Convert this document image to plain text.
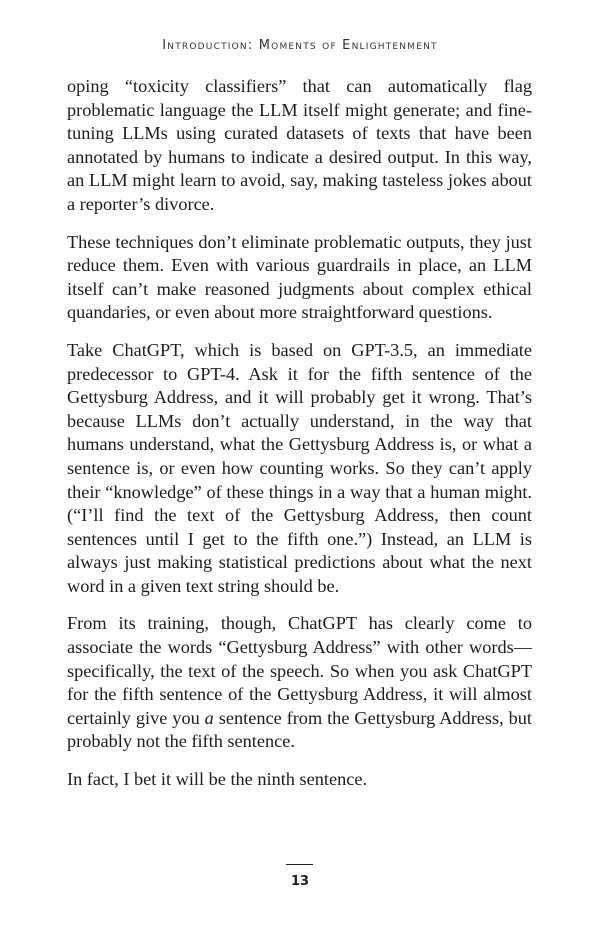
Introduction: Moments of Enlightenment

oping “toxicity classifiers” that can automatically flag problematic language the LLM itself might generate; and fine-tuning LLMs using curated datasets of texts that have been annotated by humans to indicate a desired output. In this way, an LLM might learn to avoid, say, making tasteless jokes about a reporter’s divorce.

These techniques don’t eliminate problematic outputs, they just reduce them. Even with various guardrails in place, an LLM itself can’t make reasoned judgments about complex ethical quandaries, or even about more straightforward questions.

Take ChatGPT, which is based on GPT-3.5, an immediate predecessor to GPT-4. Ask it for the fifth sentence of the Gettysburg Address, and it will probably get it wrong. That’s because LLMs don’t actually understand, in the way that humans understand, what the Gettysburg Address is, or what a sentence is, or even how counting works. So they can’t apply their “knowledge” of these things in a way that a human might. (“I’ll find the text of the Gettysburg Address, then count sentences until I get to the fifth one.”) Instead, an LLM is always just making statistical predictions about what the next word in a given text string should be.

From its training, though, ChatGPT has clearly come to associate the words “Gettysburg Address” with other words—specifically, the text of the speech. So when you ask ChatGPT for the fifth sentence of the Gettysburg Address, it will almost certainly give you a sentence from the Gettysburg Address, but probably not the fifth sentence.

In fact, I bet it will be the ninth sentence.

13
